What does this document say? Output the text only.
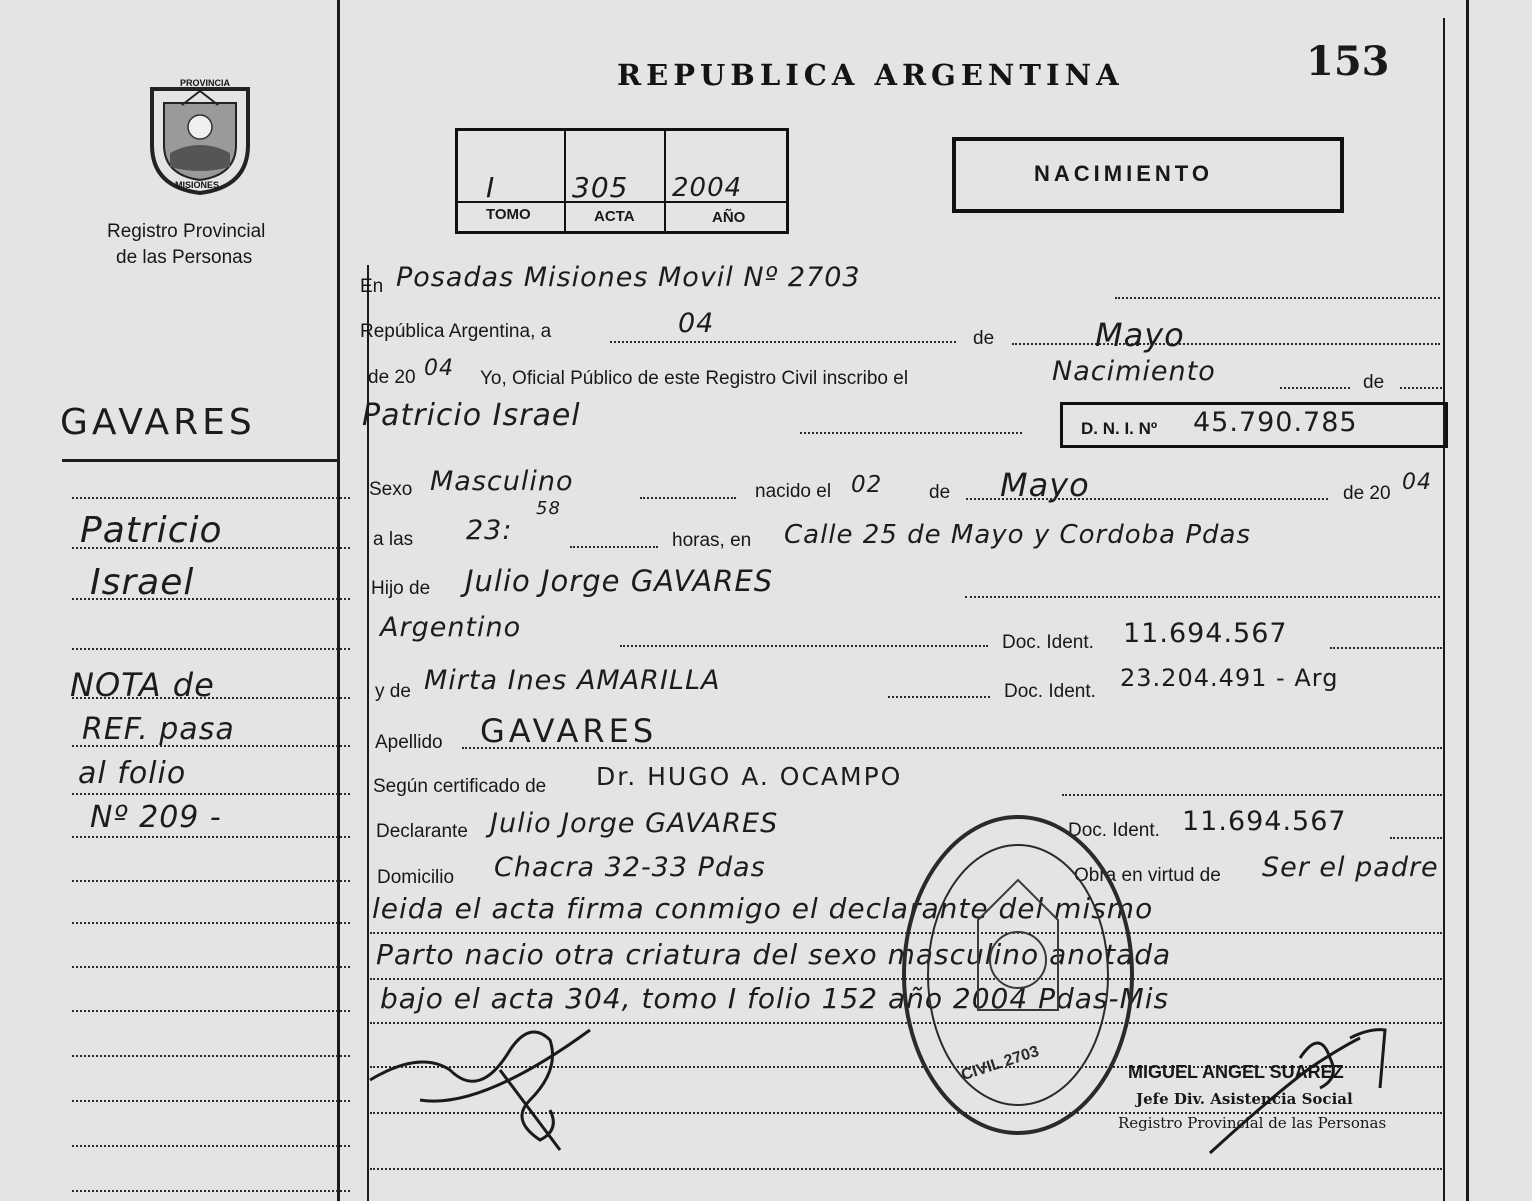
153
REPUBLICA ARGENTINA
PROVINCIA
MISIONES
Registro Provincial
de las Personas
I	305 2004
TOMO	ACTA	AÑO
NACIMIENTO
GAVARES
Patricio
Israel
NOTA de
REF. pasa
al folio
Nº 209 -
En Posadas Misiones Movil Nº 2703
República Argentina, a	04	de	Mayo
de 20 04 Yo, Oficial Público de este Registro Civil inscribo el	Nacimiento	de
Patricio Israel	D. N. I. Nº 45.790.785
Sexo Masculino	nacido el 02 de Mayo	de 20 04
a las 23:
58
horas, en Calle 25 de Mayo y Cordoba Pdas
Hijo de Julio Jorge GAVARES
Argentino	Doc. Ident. 11.694.567
y de Mirta Ines AMARILLA	Doc. Ident. 23.204.491 - Arg
Apellido GAVARES
Según certificado de Dr. HUGO A. OCAMPO
Declarante Julio Jorge GAVARES	Doc. Ident. 11.694.567
Domicilio Chacra 32-33 Pdas	Obra en virtud de Ser el padre
leida el acta firma conmigo el declarante del mismo
Parto nacio otra criatura del sexo masculino anotada
bajo el acta 304, tomo I folio 152 año 2004 Pdas-Mis
CIVIL 2703	MIGUEL ANGEL SUAREZ
Jefe Div. Asistencia Social
Registro Provincial de las Personas
